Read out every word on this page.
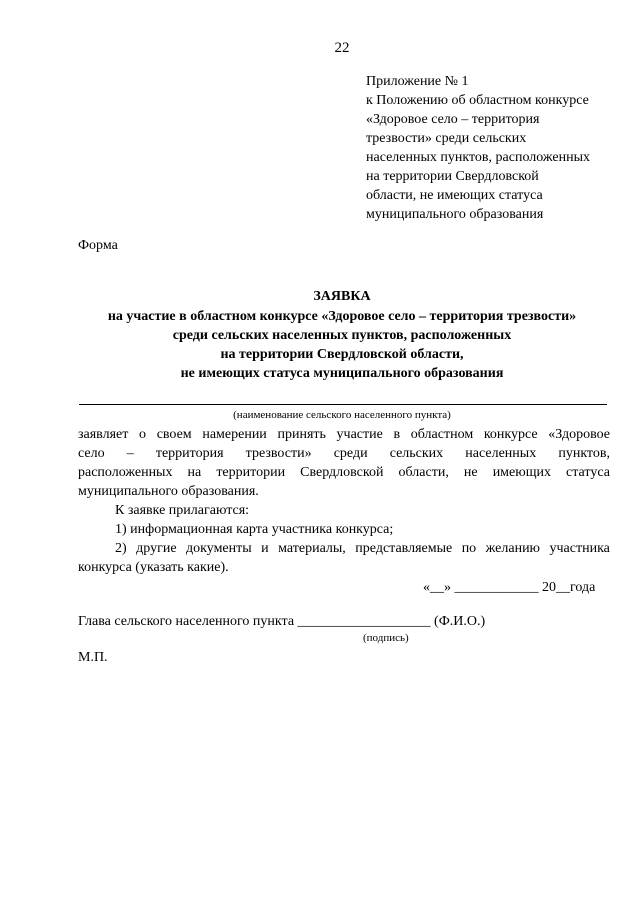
22
Приложение № 1
к Положению об областном конкурсе
«Здоровое село – территория
трезвости» среди сельских
населенных пунктов, расположенных
на территории Свердловской
области, не имеющих статуса
муниципального образования
Форма
ЗАЯВКА
на участие в областном конкурсе «Здоровое село – территория трезвости»
среди сельских населенных пунктов, расположенных
на территории Свердловской области,
не имеющих статуса муниципального образования
(наименование сельского населенного пункта)
заявляет о своем намерении принять участие в областном конкурсе «Здоровое
село – территория трезвости» среди сельских населенных пунктов,
расположенных на территории Свердловской области, не имеющих статуса
муниципального образования.
К заявке прилагаются:
1) информационная карта участника конкурса;
2) другие документы и материалы, представляемые по желанию участника
конкурса (указать какие).
«__» ____________ 20__года
Глава сельского населенного пункта ___________________ (Ф.И.О.)
(подпись)
М.П.
